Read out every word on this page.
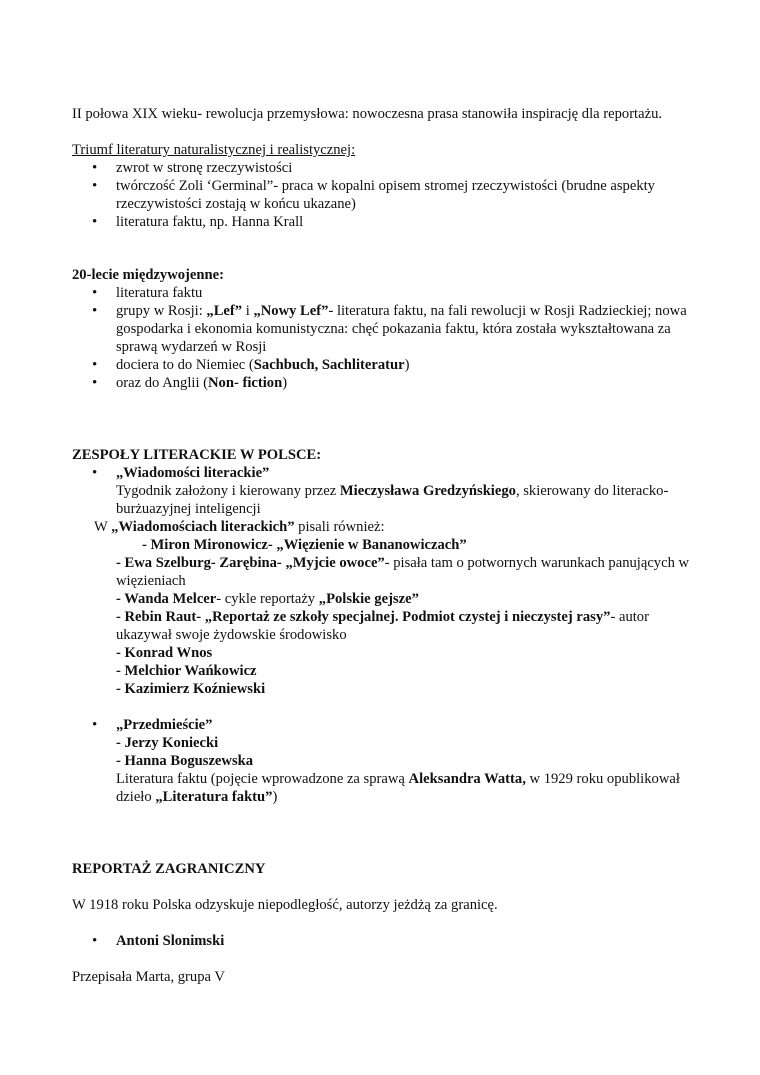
II połowa XIX wieku- rewolucja przemysłowa: nowoczesna prasa stanowiła inspirację dla reportażu.

Triumf literatury naturalistycznej i realistycznej:

• zwrot w stronę rzeczywistości
• twórczość Zoli ‘Germinal”- praca w kopalni opisem stromej rzeczywistości (brudne aspekty rzeczywistości zostają w końcu ukazane)
• literatura faktu, np. Hanna Krall

20-lecie międzywojenne:

• literatura faktu
• grupy w Rosji: „Lef” i „Nowy Lef”- literatura faktu, na fali rewolucji w Rosji Radzieckiej; nowa gospodarka i ekonomia komunistyczna: chęć pokazania faktu, która została wykształtowana za sprawą wydarzeń w Rosji
• dociera to do Niemiec (Sachbuch, Sachliteratur)
• oraz do Anglii (Non- fiction)

ZESPOŁY LITERACKIE W POLSCE:

• „Wiadomości literackie”

Tygodnik założony i kierowany przez Mieczysława Gredzyńskiego, skierowany do literacko- burżuazyjnej inteligencji

W „Wiadomościach literackich” pisali również:

- Miron Mironowicz- „Więzienie w Bananowiczach”

- Ewa Szelburg- Zarębina- „Myjcie owoce”- pisała tam o potwornych warunkach panujących w więzieniach

- Wanda Melcer- cykle reportaży „Polskie gejsze”

- Rebin Raut- „Reportaż ze szkoły specjalnej. Podmiot czystej i nieczystej rasy”- autor ukazywał swoje żydowskie środowisko

- Konrad Wnos

- Melchior Wańkowicz

- Kazimierz Koźniewski

• „Przedmieście”

- Jerzy Koniecki

- Hanna Boguszewska

Literatura faktu (pojęcie wprowadzone za sprawą Aleksandra Watta, w 1929 roku opublikował dzieło „Literatura faktu”)

REPORTAŻ ZAGRANICZNY

W 1918 roku Polska odzyskuje niepodległość, autorzy jeżdżą za granicę.

• Antoni Slonimski

Przepisała Marta, grupa V
